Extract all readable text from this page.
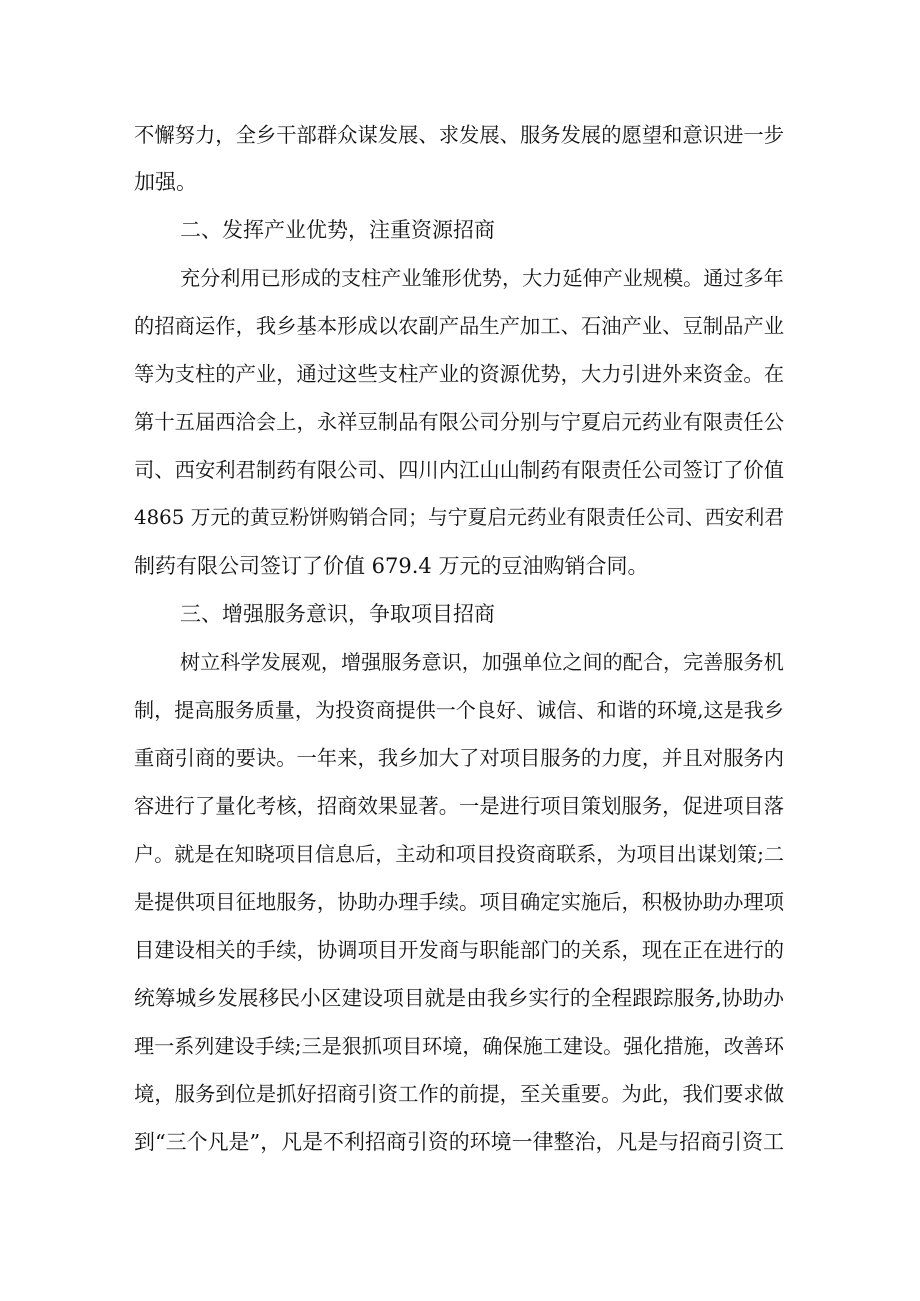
不懈努力，全乡干部群众谋发展、求发展、服务发展的愿望和意识进一步

加强。

二、发挥产业优势，注重资源招商

充分利用已形成的支柱产业雏形优势，大力延伸产业规模。通过多年

的招商运作，我乡基本形成以农副产品生产加工、石油产业、豆制品产业

等为支柱的产业，通过这些支柱产业的资源优势，大力引进外来资金。在

第十五届西洽会上，永祥豆制品有限公司分别与宁夏启元药业有限责任公

司、西安利君制药有限公司、四川内江山山制药有限责任公司签订了价值

4865 万元的黄豆粉饼购销合同；与宁夏启元药业有限责任公司、西安利君

制药有限公司签订了价值 679.4 万元的豆油购销合同。

三、增强服务意识，争取项目招商

树立科学发展观，增强服务意识，加强单位之间的配合，完善服务机

制，提高服务质量，为投资商提供一个良好、诚信、和谐的环境,这是我乡

重商引商的要诀。一年来，我乡加大了对项目服务的力度，并且对服务内

容进行了量化考核，招商效果显著。一是进行项目策划服务，促进项目落

户。就是在知晓项目信息后，主动和项目投资商联系，为项目出谋划策;二

是提供项目征地服务，协助办理手续。项目确定实施后，积极协助办理项

目建设相关的手续，协调项目开发商与职能部门的关系，现在正在进行的

统筹城乡发展移民小区建设项目就是由我乡实行的全程跟踪服务,协助办

理一系列建设手续;三是狠抓项目环境，确保施工建设。强化措施，改善环

境，服务到位是抓好招商引资工作的前提，至关重要。为此，我们要求做

到“三个凡是”，凡是不利招商引资的环境一律整治，凡是与招商引资工
